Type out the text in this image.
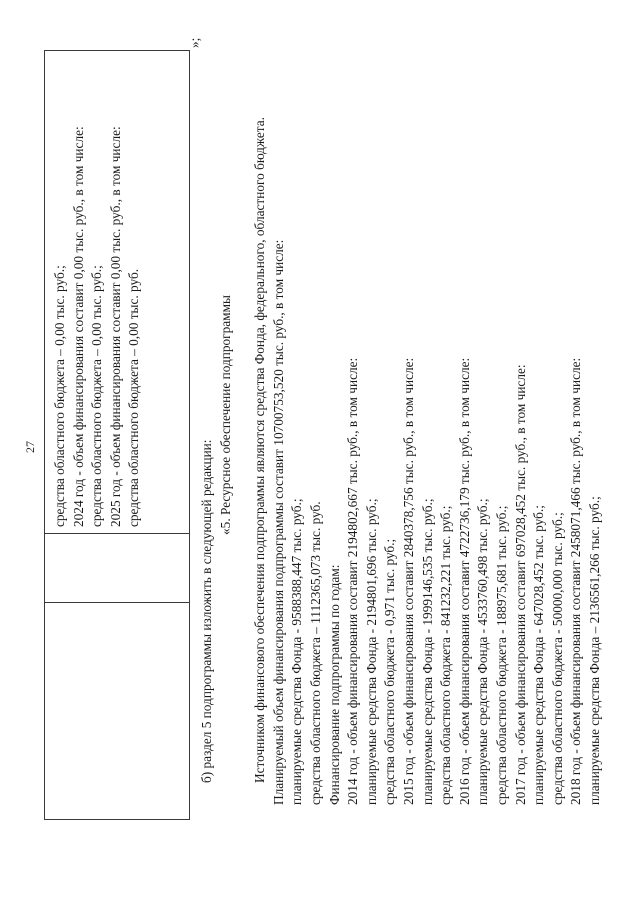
27
		средства областного бюджета – 0,00 тыс. руб.; 2024 год - объем финансирования составит 0,00 тыс. руб., в том числе: средства областного бюджета – 0,00 тыс. руб.; 2025 год - объем финансирования составит 0,00 тыс. руб., в том числе: средства областного бюджета – 0,00 тыс. руб.
»;
б) раздел 5 подпрограммы изложить в следующей редакции:
«5. Ресурсное обеспечение подпрограммы Источником финансового обеспечения подпрограммы являются средства Фонда, федерального, областного бюджета. Планируемый объем финансирования подпрограммы составит 10700753,520 тыс. руб., в том числе: планируемые средства Фонда - 9588388,447 тыс. руб.; средства областного бюджета – 1112365,073 тыс. руб. Финансирование подпрограммы по годам: 2014 год - объем финансирования составит 2194802,667 тыс. руб., в том числе: планируемые средства Фонда - 2194801,696 тыс. руб.; средства областного бюджета - 0,971 тыс. руб.; 2015 год - объем финансирования составит 2840378,756 тыс. руб., в том числе: планируемые средства Фонда - 1999146,535 тыс. руб.; средства областного бюджета - 841232,221 тыс. руб.; 2016 год - объем финансирования составит 4722736,179 тыс. руб., в том числе: планируемые средства Фонда - 4533760,498 тыс. руб.; средства областного бюджета - 188975,681 тыс. руб.; 2017 год - объем финансирования составит 697028,452 тыс. руб., в том числе: планируемые средства Фонда - 647028,452 тыс. руб.; средства областного бюджета - 50000,000 тыс. руб.; 2018 год - объем финансирования составит 2458071,466 тыс. руб., в том числе: планируемые средства Фонда – 2136561,266 тыс. руб.;
